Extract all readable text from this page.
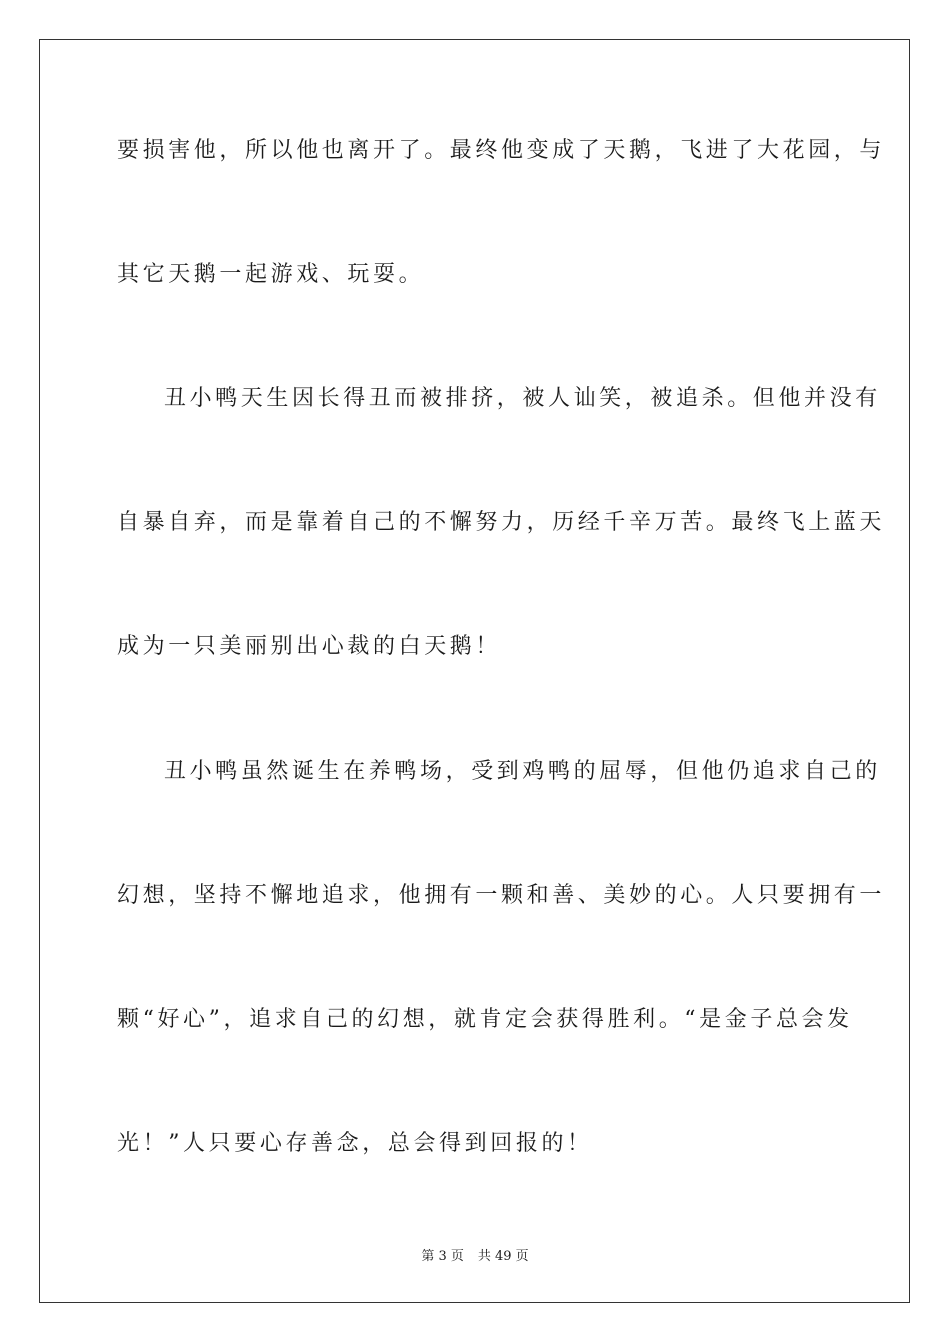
要损害他，所以他也离开了。最终他变成了天鹅，飞进了大花园，与
其它天鹅一起游戏、玩耍。
丑小鸭天生因长得丑而被排挤，被人讪笑，被追杀。但他并没有
自暴自弃，而是靠着自己的不懈努力，历经千辛万苦。最终飞上蓝天
成为一只美丽别出心裁的白天鹅！
丑小鸭虽然诞生在养鸭场，受到鸡鸭的屈辱，但他仍追求自己的
幻想，坚持不懈地追求，他拥有一颗和善、美妙的心。人只要拥有一
颗“好心”，追求自己的幻想，就肯定会获得胜利。“是金子总会发
光！”人只要心存善念，总会得到回报的！
第 3 页 共 49 页
